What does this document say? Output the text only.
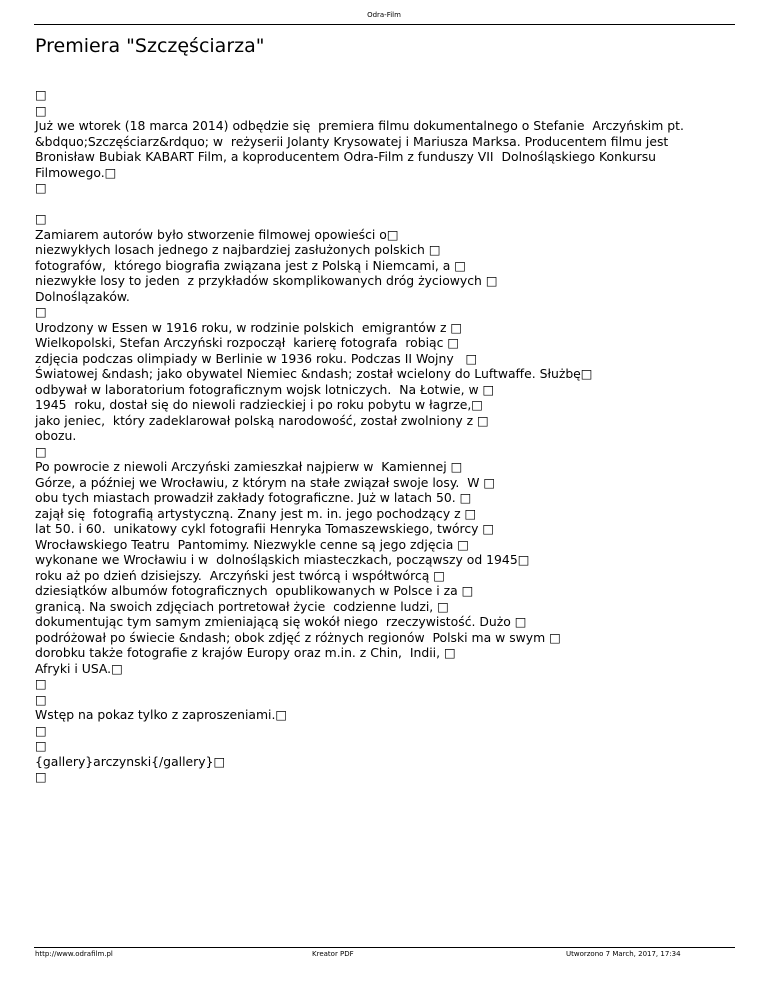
Odra-Film
Premiera "Szczęściarza"
□
□
Już we wtorek (18 marca 2014) odbędzie się  premiera filmu dokumentalnego o Stefanie  Arczyńskim pt.
&bdquo;Szczęściarz&rdquo; w  reżyserii Jolanty Krysowatej i Mariusza Marksa. Producentem filmu jest
Bronisław Bubiak KABART Film, a koproducentem Odra-Film z funduszy VII  Dolnośląskiego Konkursu
Filmowego.□
□
□
Zamiarem autorów było stworzenie filmowej opowieści o□
niezwykłych losach jednego z najbardziej zasłużonych polskich □
fotografów,  którego biografia związana jest z Polską i Niemcami, a □
niezwykłe losy to jeden  z przykładów skomplikowanych dróg życiowych □
Dolnoślązaków.
□
Urodzony w Essen w 1916 roku, w rodzinie polskich  emigrantów z □
Wielkopolski, Stefan Arczyński rozpoczął  karierę fotografa  robiąc □
zdjęcia podczas olimpiady w Berlinie w 1936 roku. Podczas II Wojny   □
Światowej &ndash; jako obywatel Niemiec &ndash; został wcielony do Luftwaffe. Służbę□
odbywał w laboratorium fotograficznym wojsk lotniczych.  Na Łotwie, w □
1945  roku, dostał się do niewoli radzieckiej i po roku pobytu w łagrze,□
jako jeniec,  który zadeklarował polską narodowość, został zwolniony z □
obozu.
□
Po powrocie z niewoli Arczyński zamieszkał najpierw w  Kamiennej □
Górze, a później we Wrocławiu, z którym na stałe związał swoje losy.  W □
obu tych miastach prowadził zakłady fotograficzne. Już w latach 50. □
zajął się  fotografią artystyczną. Znany jest m. in. jego pochodzący z □
lat 50. i 60.  unikatowy cykl fotografii Henryka Tomaszewskiego, twórcy □
Wrocławskiego Teatru  Pantomimy. Niezwykle cenne są jego zdjęcia □
wykonane we Wrocławiu i w  dolnośląskich miasteczkach, począwszy od 1945□
roku aż po dzień dzisiejszy.  Arczyński jest twórcą i współtwórcą □
dziesiątków albumów fotograficznych  opublikowanych w Polsce i za □
granicą. Na swoich zdjęciach portretował życie  codzienne ludzi, □
dokumentując tym samym zmieniającą się wokół niego  rzeczywistość. Dużo □
podróżował po świecie &ndash; obok zdjęć z różnych regionów  Polski ma w swym □
dorobku także fotografie z krajów Europy oraz m.in. z Chin,  Indii, □
Afryki i USA.□
□
□
Wstęp na pokaz tylko z zaproszeniami.□
□
□
{gallery}arczynski{/gallery}□
□
http://www.odrafilm.pl	Kreator PDF	Utworzono 7 March, 2017, 17:34
